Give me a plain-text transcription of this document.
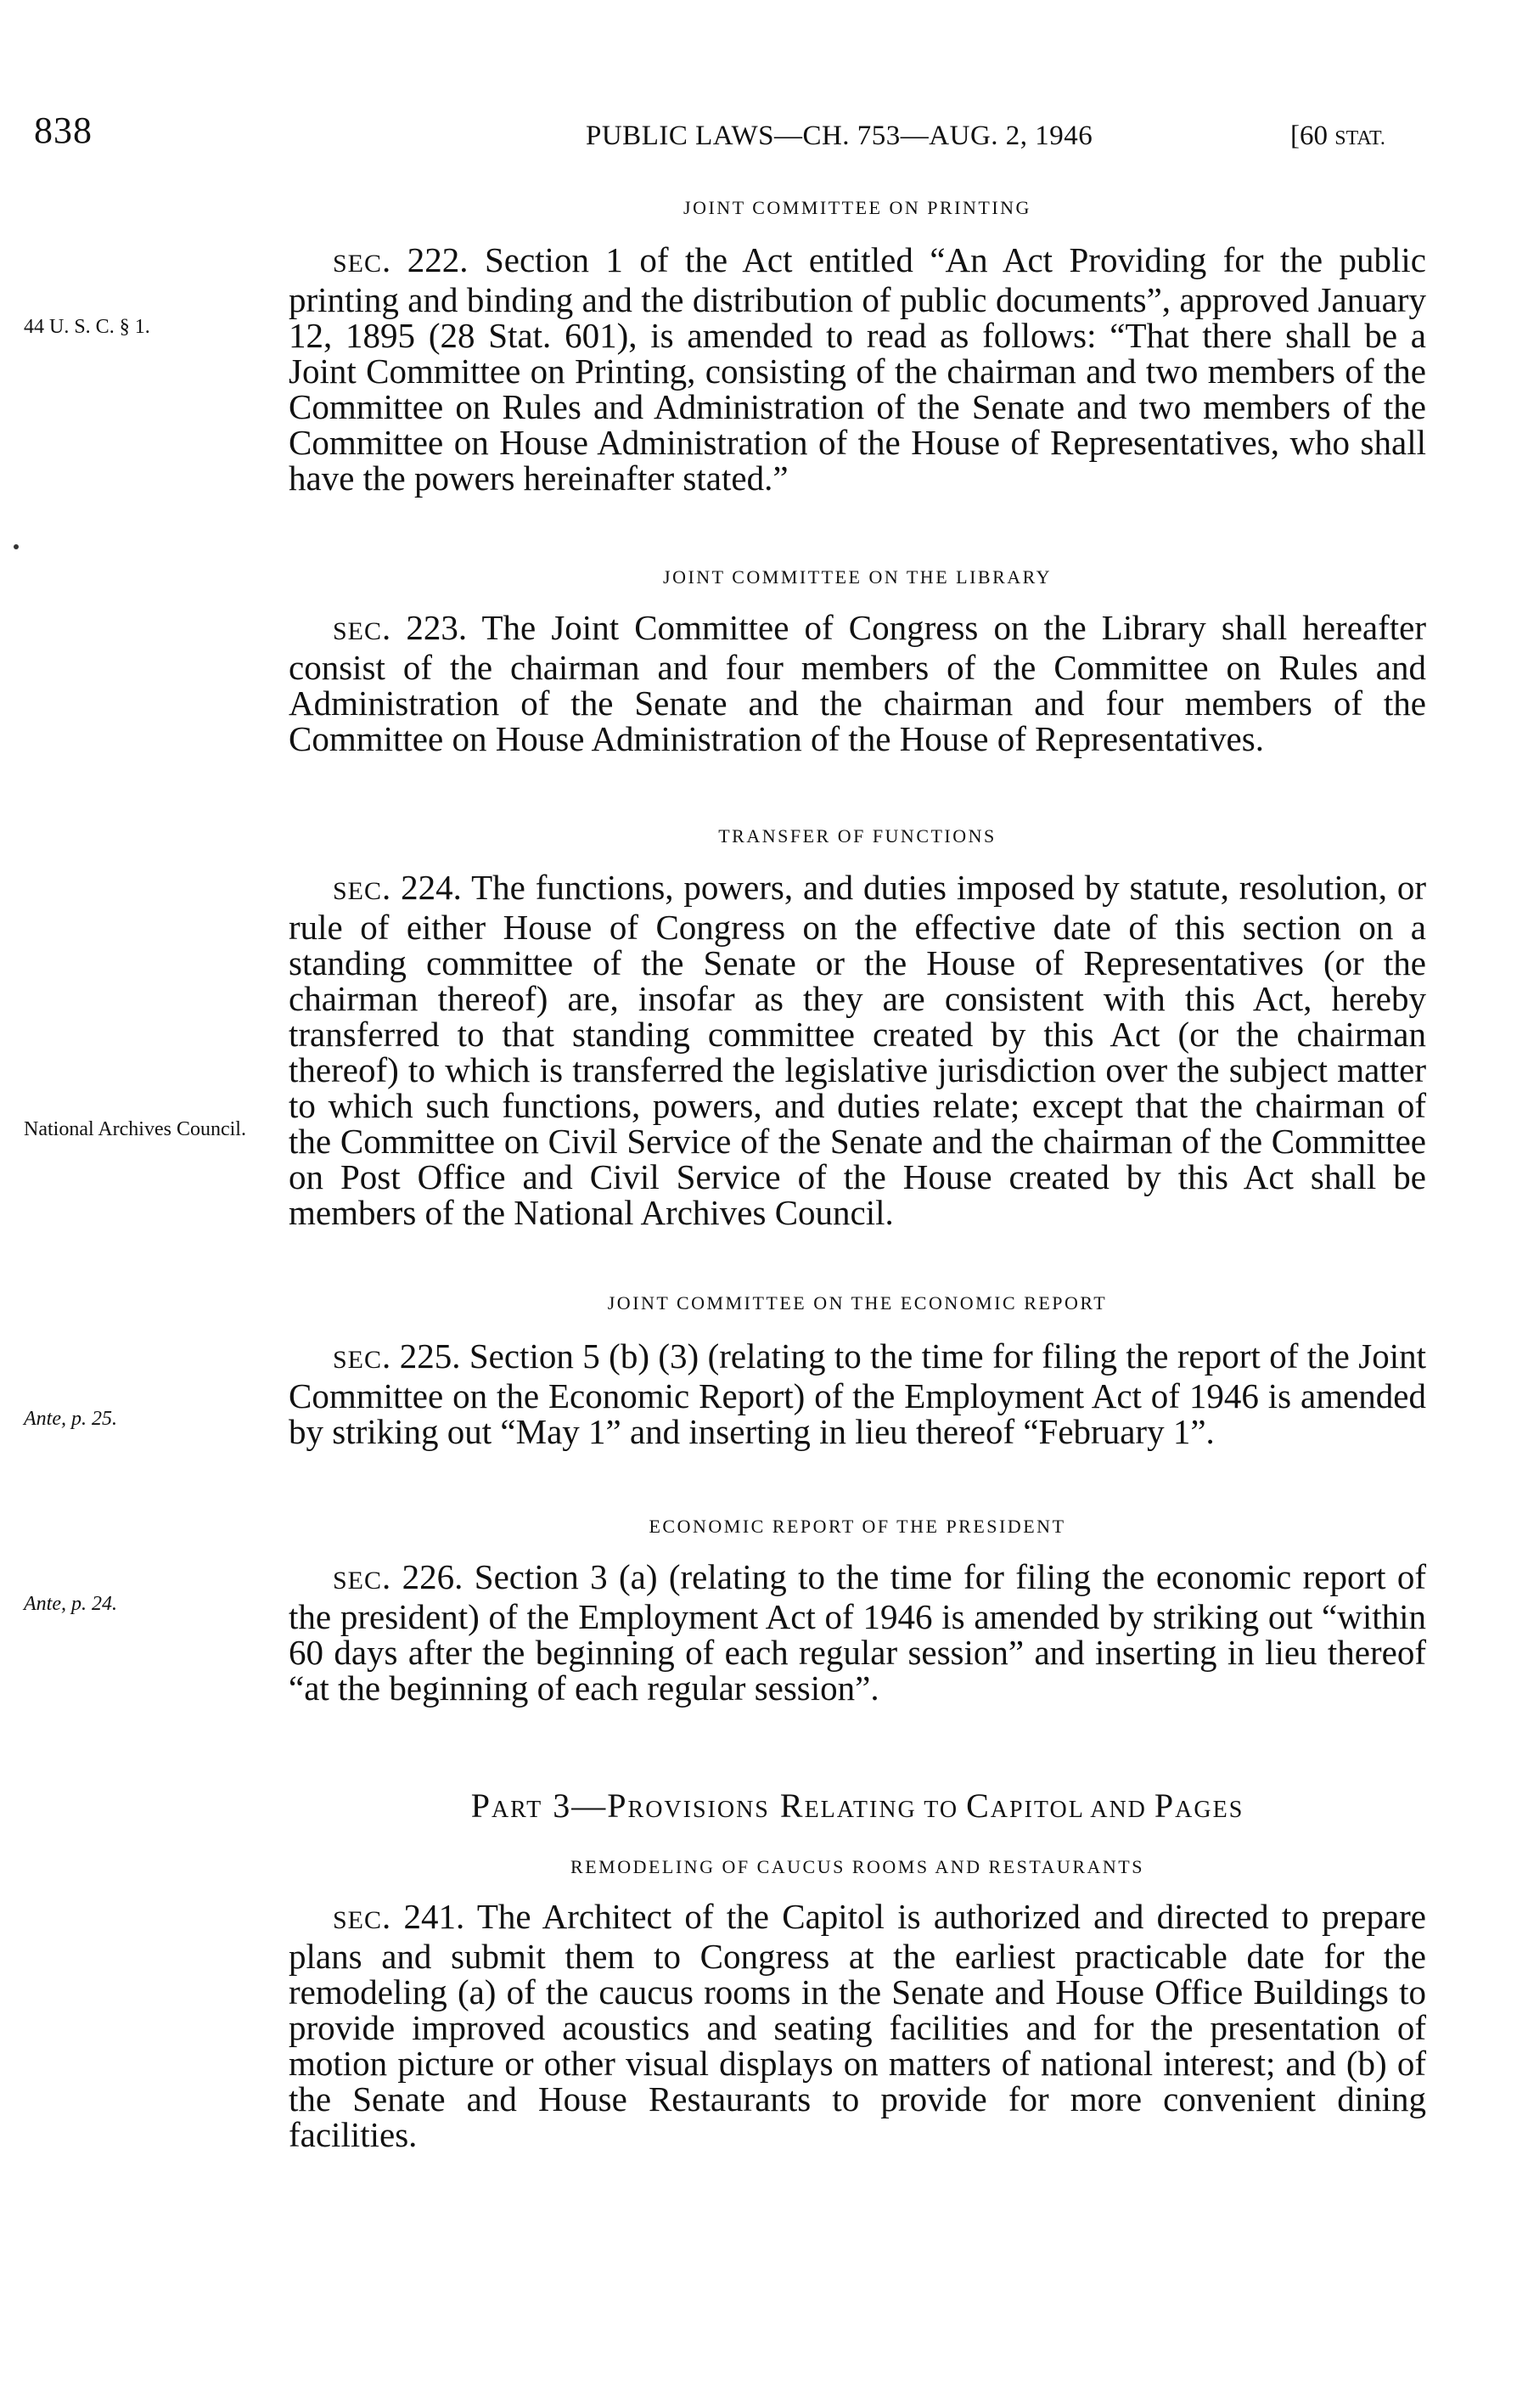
838	PUBLIC LAWS—CH. 753—AUG. 2, 1946	[60 STAT.
JOINT COMMITTEE ON PRINTING
44 U. S. C. § 1.
SEC. 222. Section 1 of the Act entitled “An Act Providing for the public printing and binding and the distribution of public documents”, approved January 12, 1895 (28 Stat. 601), is amended to read as follows: “That there shall be a Joint Committee on Printing, consisting of the chairman and two members of the Committee on Rules and Administration of the Senate and two members of the Committee on House Administration of the House of Representatives, who shall have the powers hereinafter stated.”
JOINT COMMITTEE ON THE LIBRARY
SEC. 223. The Joint Committee of Congress on the Library shall hereafter consist of the chairman and four members of the Committee on Rules and Administration of the Senate and the chairman and four members of the Committee on House Administration of the House of Representatives.
TRANSFER OF FUNCTIONS
National Archives Council.
SEC. 224. The functions, powers, and duties imposed by statute, resolution, or rule of either House of Congress on the effective date of this section on a standing committee of the Senate or the House of Representatives (or the chairman thereof) are, insofar as they are consistent with this Act, hereby transferred to that standing committee created by this Act (or the chairman thereof) to which is transferred the legislative jurisdiction over the subject matter to which such functions, powers, and duties relate; except that the chairman of the Committee on Civil Service of the Senate and the chairman of the Committee on Post Office and Civil Service of the House created by this Act shall be members of the National Archives Council.
JOINT COMMITTEE ON THE ECONOMIC REPORT
Ante, p. 25.
SEC. 225. Section 5 (b) (3) (relating to the time for filing the report of the Joint Committee on the Economic Report) of the Employment Act of 1946 is amended by striking out “May 1” and inserting in lieu thereof “February 1”.
ECONOMIC REPORT OF THE PRESIDENT
Ante, p. 24.
SEC. 226. Section 3 (a) (relating to the time for filing the economic report of the president) of the Employment Act of 1946 is amended by striking out “within 60 days after the beginning of each regular session” and inserting in lieu thereof “at the beginning of each regular session”.
PART 3—PROVISIONS RELATING TO CAPITOL AND PAGES
REMODELING OF CAUCUS ROOMS AND RESTAURANTS
SEC. 241. The Architect of the Capitol is authorized and directed to prepare plans and submit them to Congress at the earliest practicable date for the remodeling (a) of the caucus rooms in the Senate and House Office Buildings to provide improved acoustics and seating facilities and for the presentation of motion picture or other visual displays on matters of national interest; and (b) of the Senate and House Restaurants to provide for more convenient dining facilities.
